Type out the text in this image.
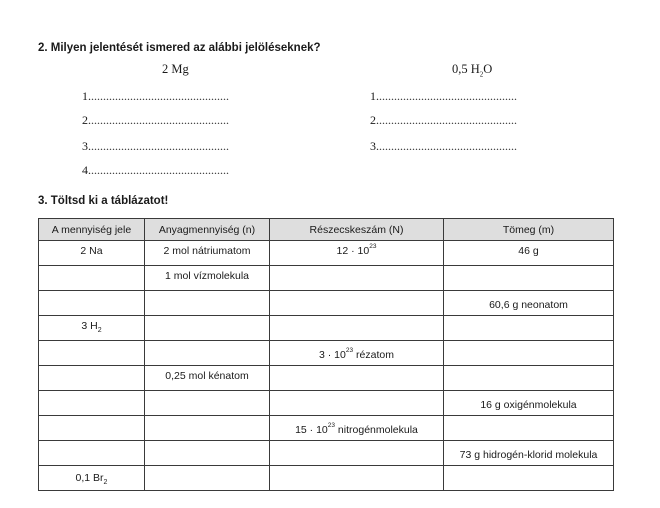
2. Milyen jelentését ismered az alábbi jelöléseknek?
2 Mg	0,5 $H_2O$
1...............................................
2...............................................
3...............................................
4...............................................
1...............................................
2...............................................
3...............................................
3. Töltsd ki a táblázatot!
A mennyiség jele	Anyagmennyiség (n)	Részecskeszám (N)	Tömeg (m)
2 Na	2 mol nátriumatom	$12 \cdot 10^{23}$	46 g
	1 mol vízmolekula		
			60,6 g neonatom
3 $H_2$			
		$3 \cdot 10^{23}$ rézatom	
	0,25 mol kénatom		
			16 g oxigénmolekula
		$15 \cdot 10^{23}$ nitrogénmolekula	
			73 g hidrogén-klorid molekula
0,1 $Br_2$			
